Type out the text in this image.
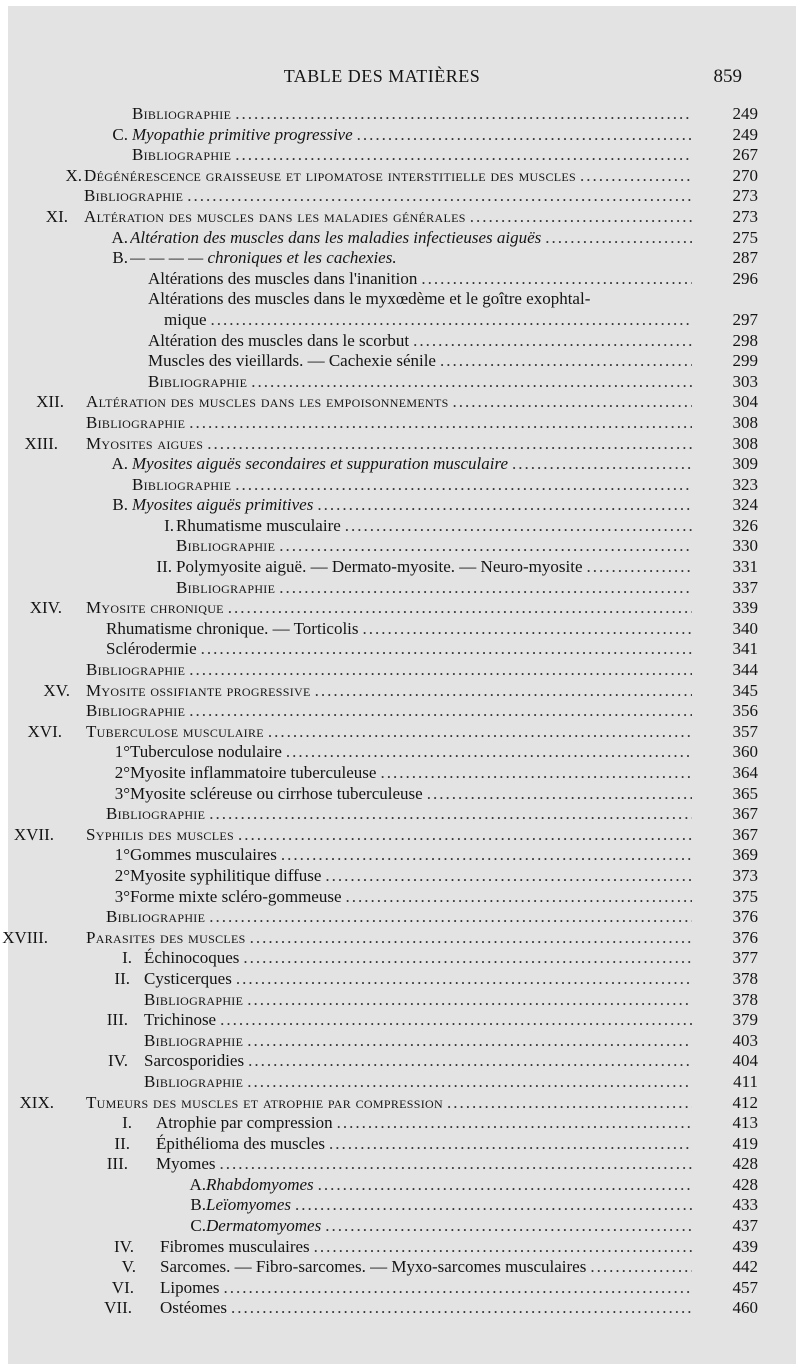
TABLE DES MATIÈRES	859
Bibliographie .....	249
C. Myopathie primitive progressive .....	249
Bibliographie .....	267
X. Dégénérescence graisseuse et lipomatose interstitielle des muscles .....	270
Bibliographie .....	273
XI. Altération des muscles dans les maladies générales .....	273
A. Altération des muscles dans les maladies infectieuses aiguës .....	275
B. — — — — chroniques et les cachexies.	287
Altérations des muscles dans l'inanition .....	296
Altérations des muscles dans le myxœdème et le goître exophtal-
mique .....	297
Altération des muscles dans le scorbut .....	298
Muscles des vieillards. — Cachexie sénile .....	299
Bibliographie .....	303
XII. Altération des muscles dans les empoisonnements .....	304
Bibliographie .....	308
XIII. Myosites aigues .....	308
A. Myosites aiguës secondaires et suppuration musculaire .....	309
Bibliographie .....	323
B. Myosites aiguës primitives .....	324
I. Rhumatisme musculaire .....	326
Bibliographie .....	330
II. Polymyosite aiguë. — Dermato-myosite. — Neuro-myosite .....	331
Bibliographie .....	337
XIV. Myosite chronique .....	339
Rhumatisme chronique. — Torticolis .....	340
Sclérodermie .....	341
Bibliographie .....	344
XV. Myosite ossifiante progressive .....	345
Bibliographie .....	356
XVI. Tuberculose musculaire .....	357
1° Tuberculose nodulaire .....	360
2° Myosite inflammatoire tuberculeuse .....	364
3° Myosite scléreuse ou cirrhose tuberculeuse .....	365
Bibliographie .....	367
XVII. Syphilis des muscles .....	367
1° Gommes musculaires .....	369
2° Myosite syphilitique diffuse .....	373
3° Forme mixte scléro-gommeuse .....	375
Bibliographie .....	376
XVIII. Parasites des muscles .....	376
I. Échinocoques .....	377
II. Cysticerques .....	378
Bibliographie .....	378
III. Trichinose .....	379
Bibliographie .....	403
IV. Sarcosporidies .....	404
Bibliographie .....	411
XIX. Tumeurs des muscles et atrophie par compression .....	412
I. Atrophie par compression .....	413
II. Épithélioma des muscles .....	419
III. Myomes .....	428
A. Rhabdomyomes .....	428
B. Leïomyomes .....	433
C. Dermatomyomes .....	437
IV. Fibromes musculaires .....	439
V. Sarcomes. — Fibro-sarcomes. — Myxo-sarcomes musculaires .....	442
VI. Lipomes .....	457
VII. Ostéomes .....	460
